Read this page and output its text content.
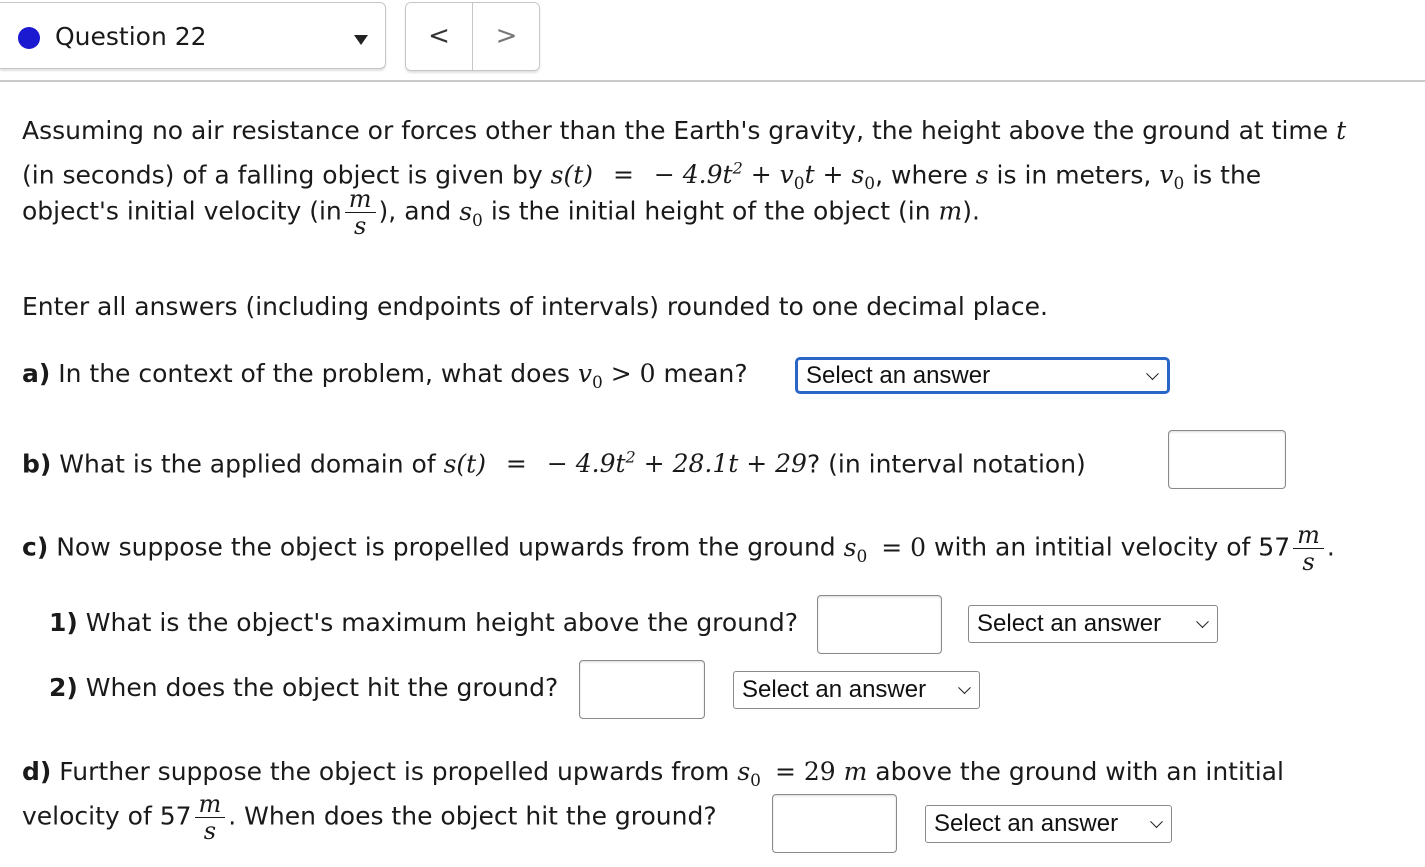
Question 22	<	>
Assuming no air resistance or forces other than the Earth's gravity, the height above the ground at time t
(in seconds) of a falling object is given by s(t) = − $4.9t^2 + v_0t + s_0$, where s is in meters, $v_0$ is the
object's initial velocity ($in \frac{m}{s}$ ), and $s_0$ is the initial height of the object (in m).
Enter all answers (including endpoints of intervals) rounded to one decimal place.
a) In the context of the problem, what does $v_0 > 0$ mean?	Select an answer
b) What is the applied domain of s(t) = − $4.9t^2 + 28.1t + 29$? (in interval notation)
c) Now suppose the object is propelled upwards from the ground $s_0 = 0$ with an intitial velocity of $57 \frac{m}{s}$ .
1) What is the object's maximum height above the ground?	Select an answer
2) When does the object hit the ground?	Select an answer
d) Further suppose the object is propelled upwards from $s_0 = 29$ m above the ground with an intitial
velocity of $57 \frac{m}{s}$ . When does the object hit the ground?	Select an answer
